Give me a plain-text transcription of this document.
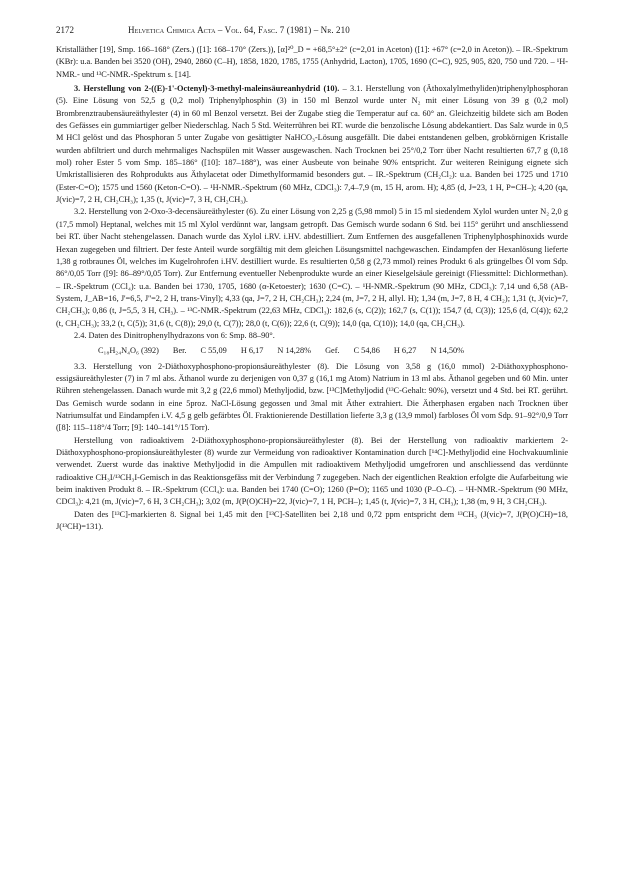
2172	Helvetica Chimica Acta – Vol. 64, Fasc. 7 (1981) – Nr. 210

Kristalläther [19], Smp. 166–168° (Zers.) ([1]: 168–170° (Zers.)), [α]²⁰_D = +68,5°±2° (c=2,01 in Aceton) ([1]: +67° (c=2,0 in Aceton)). – IR.-Spektrum (KBr): u.a. Banden bei 3520 (OH), 2940, 2860 (C–H), 1858, 1820, 1785, 1755 (Anhydrid, Lacton), 1705, 1690 (C=C), 925, 905, 820, 750 und 720. – ¹H-NMR.- und ¹³C-NMR.-Spektrum s. [14].

3. Herstellung von 2-((E)-1'-Octenyl)-3-methyl-maleinsäureanhydrid (10). – 3.1. Herstellung von (Äthoxalylmethyliden)triphenylphosphoran (5). Eine Lösung von 52,5 g (0,2 mol) Triphenylphosphin (3) in 150 ml Benzol wurde unter N₂ mit einer Lösung von 39 g (0,2 mol) Brombrenztraubensäureäthylester (4) in 60 ml Benzol versetzt. Bei der Zugabe stieg die Temperatur auf ca. 60° an. Gleichzeitig bildete sich am Boden des Gefässes ein gummiartiger gelber Niederschlag. Nach 5 Std. Weiterrühren bei RT. wurde die benzolische Lösung abdekantiert. Das Salz wurde in 0,5 M HCl gelöst und das Phosphoran 5 unter Zugabe von gesättigter NaHCO₃-Lösung ausgefällt. Die dabei entstandenen gelben, grobkörnigen Kristalle wurden abfiltriert und durch mehrmaliges Nachspülen mit Wasser ausgewaschen. Nach Trocknen bei 25°/0,2 Torr über Nacht resultierten 67,7 g (0,18 mol) roher Ester 5 vom Smp. 185–186° ([10]: 187–188°), was einer Ausbeute von beinahe 90% entspricht. Zur weiteren Reinigung eignete sich Umkristallisieren des Rohprodukts aus Äthylacetat oder Dimethylformamid besonders gut. – IR.-Spektrum (CH₂Cl₂): u.a. Banden bei 1725 und 1710 (Ester-C=O); 1575 und 1560 (Keton-C=O). – ¹H-NMR.-Spektrum (60 MHz, CDCl₃): 7,4–7,9 (m, 15 H, arom. H); 4,85 (d, J=23, 1 H, P=CH–); 4,20 (qa, J(vic)=7, 2 H, CH₂CH₃); 1,35 (t, J(vic)=7, 3 H, CH₂CH₃).

3.2. Herstellung von 2-Oxo-3-decensäureäthylester (6). Zu einer Lösung von 2,25 g (5,98 mmol) 5 in 15 ml siedendem Xylol wurden unter N₂ 2,0 g (17,5 mmol) Heptanal, welches mit 15 ml Xylol verdünnt war, langsam getropft. Das Gemisch wurde sodann 6 Std. bei 115° gerührt und anschliessend bei RT. über Nacht stehengelassen. Danach wurde das Xylol i.RV. i.HV. abdestilliert. Zum Entfernen des ausgefallenen Triphenylphosphinoxids wurde Hexan zugegeben und filtriert. Der feste Anteil wurde sorgfältig mit dem gleichen Lösungsmittel nachgewaschen. Eindampfen der Hexanlösung lieferte 1,38 g rotbraunes Öl, welches im Kugelrohrofen i.HV. destilliert wurde. Es resultierten 0,58 g (2,73 mmol) reines Produkt 6 als grüngelbes Öl vom Sdp. 86°/0,05 Torr ([9]: 86–89°/0,05 Torr). Zur Entfernung eventueller Nebenprodukte wurde an einer Kieselgelsäule gereinigt (Fliessmittel: Dichlormethan). – IR.-Spektrum (CCl₄): u.a. Banden bei 1730, 1705, 1680 (α-Ketoester); 1630 (C=C). – ¹H-NMR.-Spektrum (90 MHz, CDCl₃): 7,14 und 6,58 (AB-System, J_AB=16, J'=6,5, J''=2, 2 H, trans-Vinyl); 4,33 (qa, J=7, 2 H, CH₂CH₃); 2,24 (m, J=7, 2 H, allyl. H); 1,34 (m, J=7, 8 H, 4 CH₂); 1,31 (t, J(vic)=7, CH₂CH₃); 0,86 (t, J=5,5, 3 H, CH₃). – ¹³C-NMR.-Spektrum (22,63 MHz, CDCl₃): 182,6 (s, C(2)); 162,7 (s, C(1)); 154,7 (d, C(3)); 125,6 (d, C(4)); 62,2 (t, CH₂CH₃); 33,2 (t, C(5)); 31,6 (t, C(8)); 29,0 (t, C(7)); 28,0 (t, C(6)); 22,6 (t, C(9)); 14,0 (qa, C(10)); 14,0 (qa, CH₂CH₃).

2.4. Daten des Dinitrophenylhydrazons von 6: Smp. 88–90°.

C₁₈H₂₄N₄O₆ (392) Ber. C 55,09 H 6,17 N 14,28% Gef. C 54,86 H 6,27 N 14,50%

3.3. Herstellung von 2-Diäthoxyphosphono-propionsäureäthylester (8). Die Lösung von 3,58 g (16,0 mmol) 2-Diäthoxyphosphono-essigsäureäthylester (7) in 7 ml abs. Äthanol wurde zu derjenigen von 0,37 g (16,1 mg Atom) Natrium in 13 ml abs. Äthanol gegeben und 60 Min. unter Rühren stehengelassen. Danach wurde mit 3,2 g (22,6 mmol) Methyljodid, bzw. [¹³C]Methyljodid (¹³C-Gehalt: 90%), versetzt und 4 Std. bei RT. gerührt. Das Gemisch wurde sodann in eine 5proz. NaCl-Lösung gegossen und 3mal mit Äther extrahiert. Die Ätherphasen ergaben nach Trocknen über Natriumsulfat und Eindampfen i.V. 4,5 g gelb gefärbtes Öl. Fraktionierende Destillation lieferte 3,3 g (13,9 mmol) farbloses Öl vom Sdp. 91–92°/0,9 Torr ([8]: 115–118°/4 Torr; [9]: 140–141°/15 Torr).

Herstellung von radioaktivem 2-Diäthoxyphosphono-propionsäureäthylester (8). Bei der Herstellung von radioaktiv markiertem 2-Diäthoxyphosphono-propionsäureäthylester (8) wurde zur Vermeidung von radioaktiver Kontamination durch [¹⁴C]-Methyljodid eine Hochvakuumlinie verwendet. Zuerst wurde das inaktive Methyljodid in die Ampullen mit radioaktivem Methyljodid umgefroren und anschliessend das verdünnte radioaktive CH₃I/¹³CH₃I-Gemisch in das Reaktionsgefäss mit der Verbindung 7 zugegeben. Nach der eigentlichen Reaktion erfolgte die Aufarbeitung wie beim inaktiven Produkt 8. – IR.-Spektrum (CCl₄): u.a. Banden bei 1740 (C=O); 1260 (P=O); 1165 und 1030 (P–O–C). – ¹H-NMR.-Spektrum (90 MHz, CDCl₃): 4,21 (m, J(vic)=7, 6 H, 3 CH₂CH₃); 3,02 (m, J(P(O)CH)=22, J(vic)=7, 1 H, PCH–); 1,45 (t, J(vic)=7, 3 H, CH₃); 1,38 (m, 9 H, 3 CH₂CH₃).

Daten des [¹³C]-markierten 8. Signal bei 1,45 mit den [¹³C]-Satelliten bei 2,18 und 0,72 ppm entspricht dem ¹³CH₃ (J(vic)=7, J(P(O)CH)=18, J(¹³CH)=131).
